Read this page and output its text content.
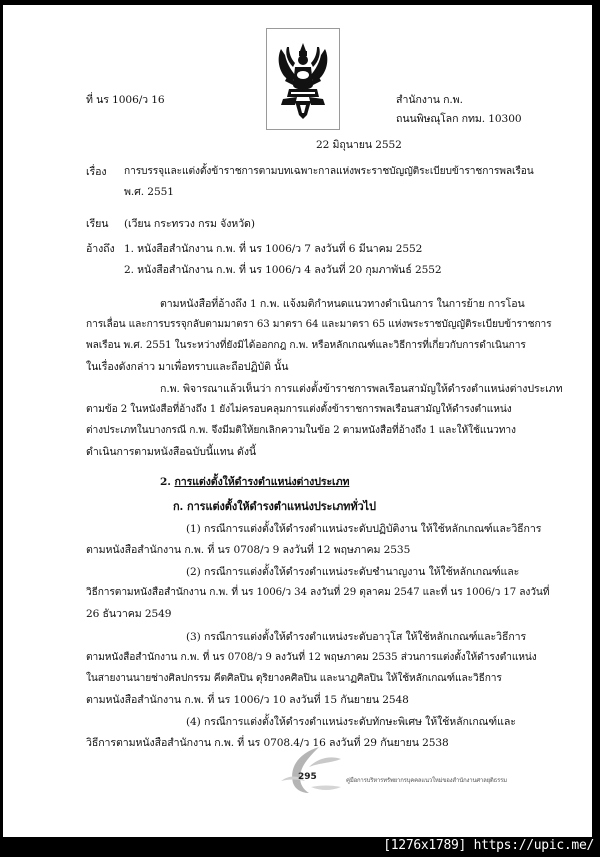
ที่ นร 1006/ว 16	สำนักงาน ก.พ.
ถนนพิษณุโลก กทม. 10300
22 มิถุนายน 2552
เรื่อง การบรรจุและแต่งตั้งข้าราชการตามบทเฉพาะกาลแห่งพระราชบัญญัติระเบียบข้าราชการพลเรือน
พ.ศ. 2551
เรียน (เวียน กระทรวง กรม จังหวัด)
อ้างถึง 1. หนังสือสำนักงาน ก.พ. ที่ นร 1006/ว 7 ลงวันที่ 6 มีนาคม 2552
2. หนังสือสำนักงาน ก.พ. ที่ นร 1006/ว 4 ลงวันที่ 20 กุมภาพันธ์ 2552
ตามหนังสือที่อ้างถึง 1 ก.พ. แจ้งมติกำหนดแนวทางดำเนินการ ในการย้าย การโอน
การเลื่อน และการบรรจุกลับตามมาตรา 63 มาตรา 64 และมาตรา 65 แห่งพระราชบัญญัติระเบียบข้าราชการ
พลเรือน พ.ศ. 2551 ในระหว่างที่ยังมิได้ออกกฎ ก.พ. หรือหลักเกณฑ์และวิธีการที่เกี่ยวกับการดำเนินการ
ในเรื่องดังกล่าว มาเพื่อทราบและถือปฏิบัติ นั้น
ก.พ. พิจารณาแล้วเห็นว่า การแต่งตั้งข้าราชการพลเรือนสามัญให้ดำรงตำแหน่งต่างประเภท
ตามข้อ 2 ในหนังสือที่อ้างถึง 1 ยังไม่ครอบคลุมการแต่งตั้งข้าราชการพลเรือนสามัญให้ดำรงตำแหน่ง
ต่างประเภทในบางกรณี ก.พ. จึงมีมติให้ยกเลิกความในข้อ 2 ตามหนังสือที่อ้างถึง 1 และให้ใช้แนวทาง
ดำเนินการตามหนังสือฉบับนี้แทน ดังนี้
2. การแต่งตั้งให้ดำรงตำแหน่งต่างประเภท
ก. การแต่งตั้งให้ดำรงตำแหน่งประเภททั่วไป
(1) กรณีการแต่งตั้งให้ดำรงตำแหน่งระดับปฏิบัติงาน ให้ใช้หลักเกณฑ์และวิธีการ
ตามหนังสือสำนักงาน ก.พ. ที่ นร 0708/ว 9 ลงวันที่ 12 พฤษภาคม 2535
(2) กรณีการแต่งตั้งให้ดำรงตำแหน่งระดับชำนาญงาน ให้ใช้หลักเกณฑ์และ
วิธีการตามหนังสือสำนักงาน ก.พ. ที่ นร 1006/ว 34 ลงวันที่ 29 ตุลาคม 2547 และที่ นร 1006/ว 17 ลงวันที่
26 ธันวาคม 2549
(3) กรณีการแต่งตั้งให้ดำรงตำแหน่งระดับอาวุโส ให้ใช้หลักเกณฑ์และวิธีการ
ตามหนังสือสำนักงาน ก.พ. ที่ นร 0708/ว 9 ลงวันที่ 12 พฤษภาคม 2535 ส่วนการแต่งตั้งให้ดำรงตำแหน่ง
ในสายงานนายช่างศิลปกรรม คีตศิลปิน ดุริยางคศิลปิน และนาฏศิลปิน ให้ใช้หลักเกณฑ์และวิธีการ
ตามหนังสือสำนักงาน ก.พ. ที่ นร 1006/ว 10 ลงวันที่ 15 กันยายน 2548
(4) กรณีการแต่งตั้งให้ดำรงตำแหน่งระดับทักษะพิเศษ ให้ใช้หลักเกณฑ์และ
วิธีการตามหนังสือสำนักงาน ก.พ. ที่ นร 0708.4/ว 16 ลงวันที่ 29 กันยายน 2538
295	คู่มือการบริหารทรัพยากรบุคคลแนวใหม่ของสำนักงานศาลยุติธรรม
[1276x1789] https://upic.me/
